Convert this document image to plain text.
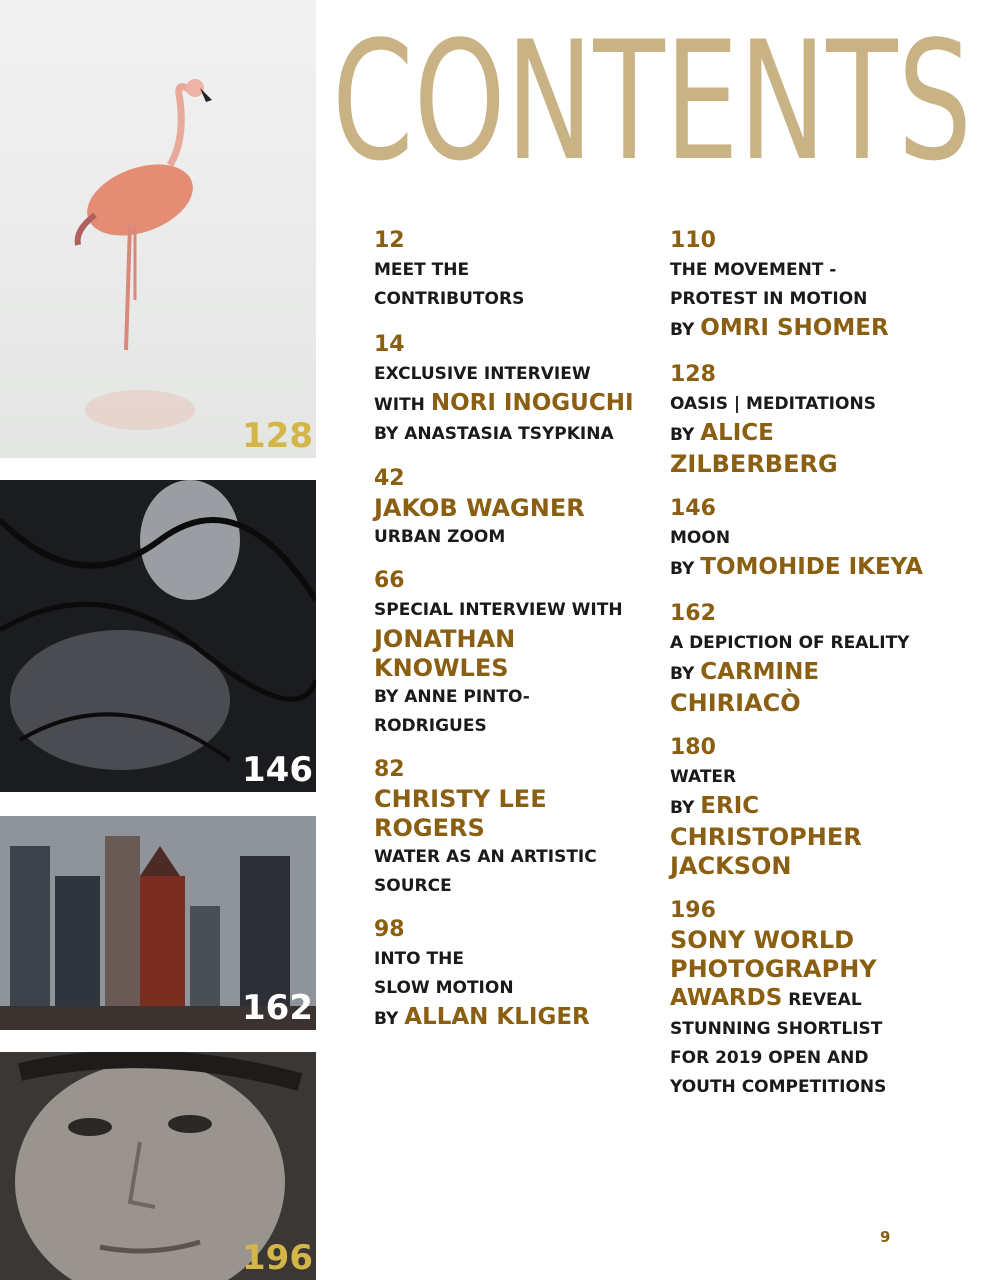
128
146
162
196
CONTENTS
12
MEET THE
CONTRIBUTORS
14
EXCLUSIVE INTERVIEW
WITH NORI INOGUCHI
BY ANASTASIA TSYPKINA
42
JAKOB WAGNER
URBAN ZOOM
66
SPECIAL INTERVIEW WITH
JONATHAN
KNOWLES
BY ANNE PINTO-
RODRIGUES
82
CHRISTY LEE
ROGERS
WATER AS AN ARTISTIC
SOURCE
98
INTO THE
SLOW MOTION
BY ALLAN KLIGER
110
THE MOVEMENT -
PROTEST IN MOTION
BY OMRI SHOMER
128
OASIS | MEDITATIONS
BY ALICE
ZILBERBERG
146
MOON
BY TOMOHIDE IKEYA
162
A DEPICTION OF REALITY
BY CARMINE
CHIRIACÒ
180
WATER
BY ERIC
CHRISTOPHER
JACKSON
196
SONY WORLD
PHOTOGRAPHY
AWARDS REVEAL
STUNNING SHORTLIST
FOR 2019 OPEN AND
YOUTH COMPETITIONS
9
